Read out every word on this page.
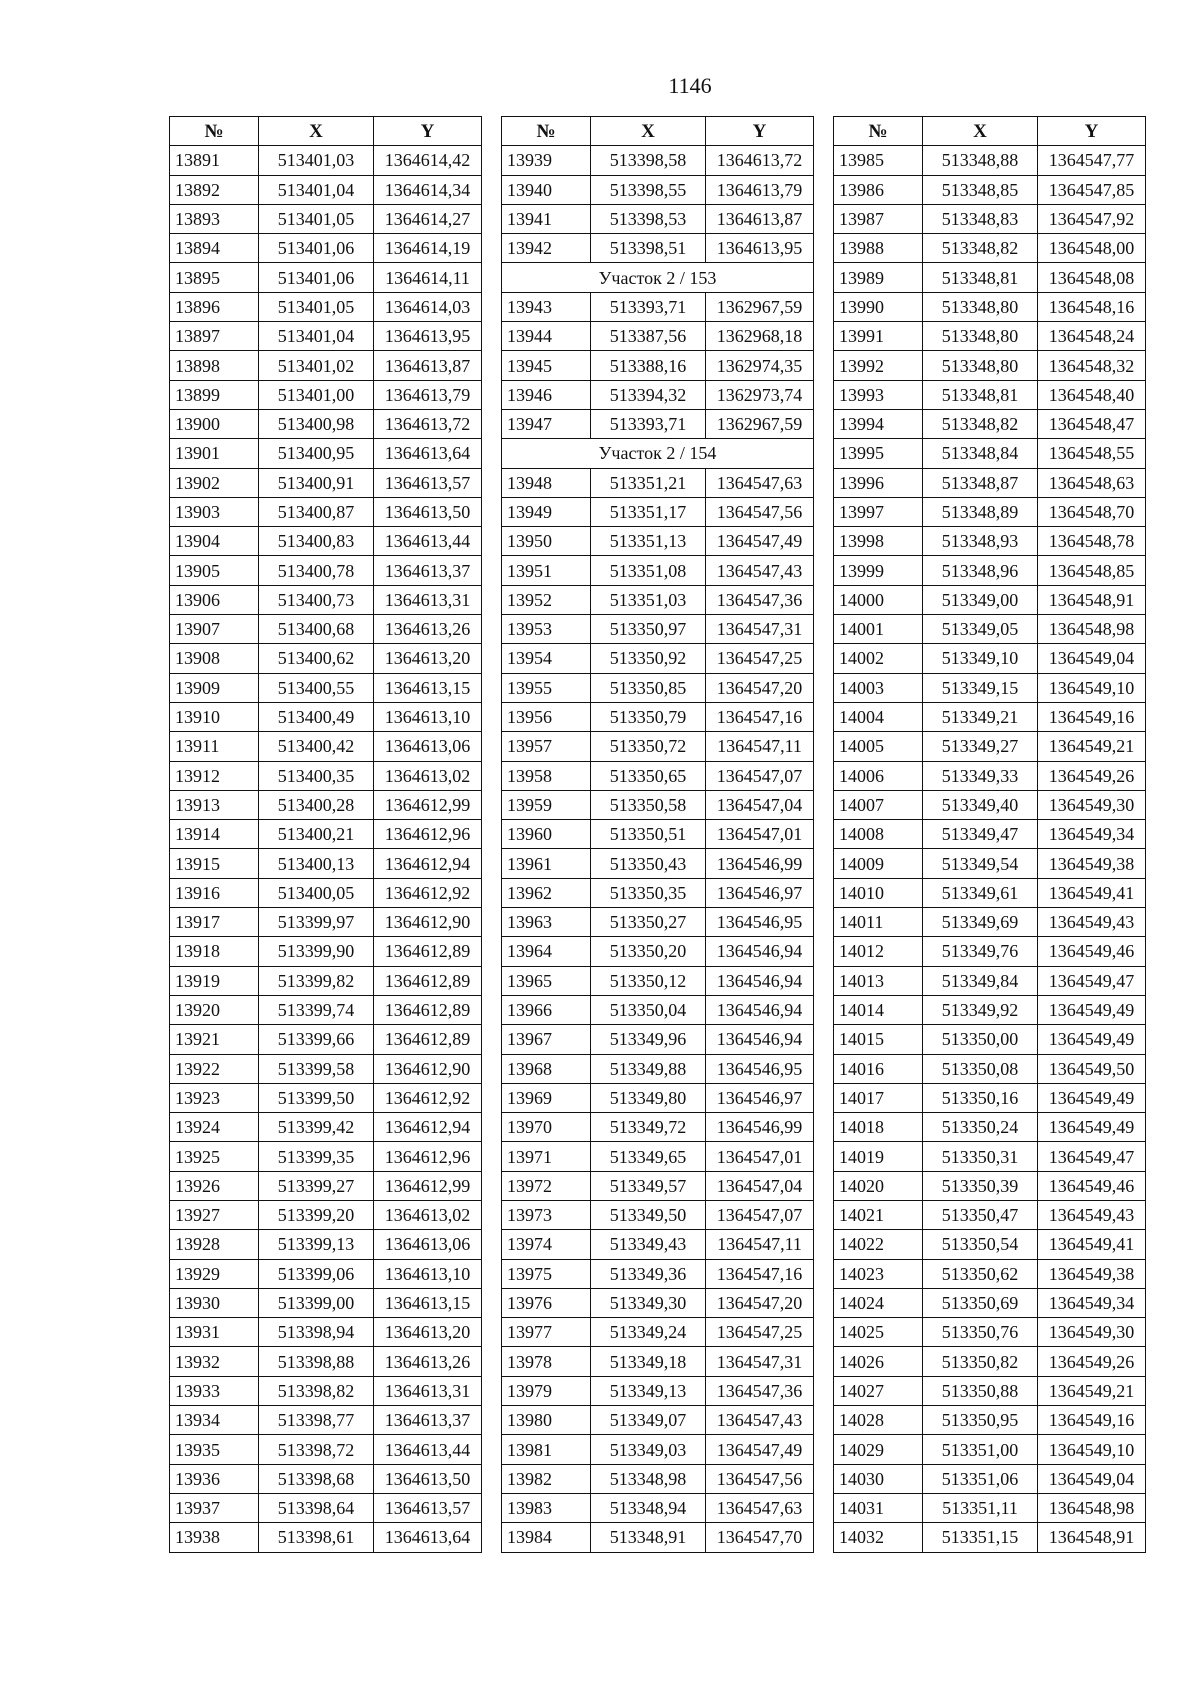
1146
№	X	Y
13891	513401,03	1364614,42
13892	513401,04	1364614,34
13893	513401,05	1364614,27
13894	513401,06	1364614,19
13895	513401,06	1364614,11
13896	513401,05	1364614,03
13897	513401,04	1364613,95
13898	513401,02	1364613,87
13899	513401,00	1364613,79
13900	513400,98	1364613,72
13901	513400,95	1364613,64
13902	513400,91	1364613,57
13903	513400,87	1364613,50
13904	513400,83	1364613,44
13905	513400,78	1364613,37
13906	513400,73	1364613,31
13907	513400,68	1364613,26
13908	513400,62	1364613,20
13909	513400,55	1364613,15
13910	513400,49	1364613,10
13911	513400,42	1364613,06
13912	513400,35	1364613,02
13913	513400,28	1364612,99
13914	513400,21	1364612,96
13915	513400,13	1364612,94
13916	513400,05	1364612,92
13917	513399,97	1364612,90
13918	513399,90	1364612,89
13919	513399,82	1364612,89
13920	513399,74	1364612,89
13921	513399,66	1364612,89
13922	513399,58	1364612,90
13923	513399,50	1364612,92
13924	513399,42	1364612,94
13925	513399,35	1364612,96
13926	513399,27	1364612,99
13927	513399,20	1364613,02
13928	513399,13	1364613,06
13929	513399,06	1364613,10
13930	513399,00	1364613,15
13931	513398,94	1364613,20
13932	513398,88	1364613,26
13933	513398,82	1364613,31
13934	513398,77	1364613,37
13935	513398,72	1364613,44
13936	513398,68	1364613,50
13937	513398,64	1364613,57
13938	513398,61	1364613,64
№	X	Y
13939	513398,58	1364613,72
13940	513398,55	1364613,79
13941	513398,53	1364613,87
13942	513398,51	1364613,95
Участок 2 / 153		
13943	513393,71	1362967,59
13944	513387,56	1362968,18
13945	513388,16	1362974,35
13946	513394,32	1362973,74
13947	513393,71	1362967,59
Участок 2 / 154		
13948	513351,21	1364547,63
13949	513351,17	1364547,56
13950	513351,13	1364547,49
13951	513351,08	1364547,43
13952	513351,03	1364547,36
13953	513350,97	1364547,31
13954	513350,92	1364547,25
13955	513350,85	1364547,20
13956	513350,79	1364547,16
13957	513350,72	1364547,11
13958	513350,65	1364547,07
13959	513350,58	1364547,04
13960	513350,51	1364547,01
13961	513350,43	1364546,99
13962	513350,35	1364546,97
13963	513350,27	1364546,95
13964	513350,20	1364546,94
13965	513350,12	1364546,94
13966	513350,04	1364546,94
13967	513349,96	1364546,94
13968	513349,88	1364546,95
13969	513349,80	1364546,97
13970	513349,72	1364546,99
13971	513349,65	1364547,01
13972	513349,57	1364547,04
13973	513349,50	1364547,07
13974	513349,43	1364547,11
13975	513349,36	1364547,16
13976	513349,30	1364547,20
13977	513349,24	1364547,25
13978	513349,18	1364547,31
13979	513349,13	1364547,36
13980	513349,07	1364547,43
13981	513349,03	1364547,49
13982	513348,98	1364547,56
13983	513348,94	1364547,63
13984	513348,91	1364547,70
№	X	Y
13985	513348,88	1364547,77
13986	513348,85	1364547,85
13987	513348,83	1364547,92
13988	513348,82	1364548,00
13989	513348,81	1364548,08
13990	513348,80	1364548,16
13991	513348,80	1364548,24
13992	513348,80	1364548,32
13993	513348,81	1364548,40
13994	513348,82	1364548,47
13995	513348,84	1364548,55
13996	513348,87	1364548,63
13997	513348,89	1364548,70
13998	513348,93	1364548,78
13999	513348,96	1364548,85
14000	513349,00	1364548,91
14001	513349,05	1364548,98
14002	513349,10	1364549,04
14003	513349,15	1364549,10
14004	513349,21	1364549,16
14005	513349,27	1364549,21
14006	513349,33	1364549,26
14007	513349,40	1364549,30
14008	513349,47	1364549,34
14009	513349,54	1364549,38
14010	513349,61	1364549,41
14011	513349,69	1364549,43
14012	513349,76	1364549,46
14013	513349,84	1364549,47
14014	513349,92	1364549,49
14015	513350,00	1364549,49
14016	513350,08	1364549,50
14017	513350,16	1364549,49
14018	513350,24	1364549,49
14019	513350,31	1364549,47
14020	513350,39	1364549,46
14021	513350,47	1364549,43
14022	513350,54	1364549,41
14023	513350,62	1364549,38
14024	513350,69	1364549,34
14025	513350,76	1364549,30
14026	513350,82	1364549,26
14027	513350,88	1364549,21
14028	513350,95	1364549,16
14029	513351,00	1364549,10
14030	513351,06	1364549,04
14031	513351,11	1364548,98
14032	513351,15	1364548,91
